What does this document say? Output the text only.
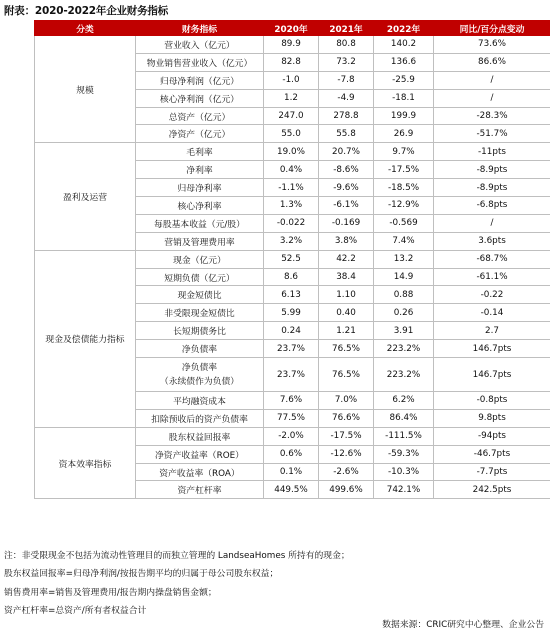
附表：2020-2022年企业财务指标
分类	财务指标	2020年	2021年	2022年	同比/百分点变动
规模	营业收入（亿元）	89.9	80.8	140.2	73.6%
	物业销售营业收入（亿元）	82.8	73.2	136.6	86.6%
	归母净利润（亿元）	-1.0	-7.8	-25.9	/
	核心净利润（亿元）	1.2	-4.9	-18.1	/
	总资产（亿元）	247.0	278.8	199.9	-28.3%
	净资产（亿元）	55.0	55.8	26.9	-51.7%
盈利及运营	毛利率	19.0%	20.7%	9.7%	-11pts
	净利率	0.4%	-8.6%	-17.5%	-8.9pts
	归母净利率	-1.1%	-9.6%	-18.5%	-8.9pts
	核心净利率	1.3%	-6.1%	-12.9%	-6.8pts
	每股基本收益（元/股）	-0.022	-0.169	-0.569	/
	营销及管理费用率	3.2%	3.8%	7.4%	3.6pts
现金及偿债能力指标	现金（亿元）	52.5	42.2	13.2	-68.7%
	短期负债（亿元）	8.6	38.4	14.9	-61.1%
	现金短债比	6.13	1.10	0.88	-0.22
	非受限现金短债比	5.99	0.40	0.26	-0.14
	长短期债务比	0.24	1.21	3.91	2.7
	净负债率	23.7%	76.5%	223.2%	146.7pts
	净负债率
（永续债作为负债）	23.7%	76.5%	223.2%	146.7pts
	平均融资成本	7.6%	7.0%	6.2%	-0.8pts
	扣除预收后的资产负债率	77.5%	76.6%	86.4%	9.8pts
资本效率指标	股东权益回报率	-2.0%	-17.5%	-111.5%	-94pts
	净资产收益率（ROE）	0.6%	-12.6%	-59.3%	-46.7pts
	资产收益率（ROA）	0.1%	-2.6%	-10.3%	-7.7pts
	资产杠杆率	449.5%	499.6%	742.1%	242.5pts
注：非受限现金不包括为流动性管理目的而独立管理的 LandseaHomes 所持有的现金；
股东权益回报率=归母净利润/按报告期平均的归属于母公司股东权益；
销售费用率=销售及管理费用/报告期内操盘销售金额；
资产杠杆率=总资产/所有者权益合计
数据来源：CRIC研究中心整理、企业公告
